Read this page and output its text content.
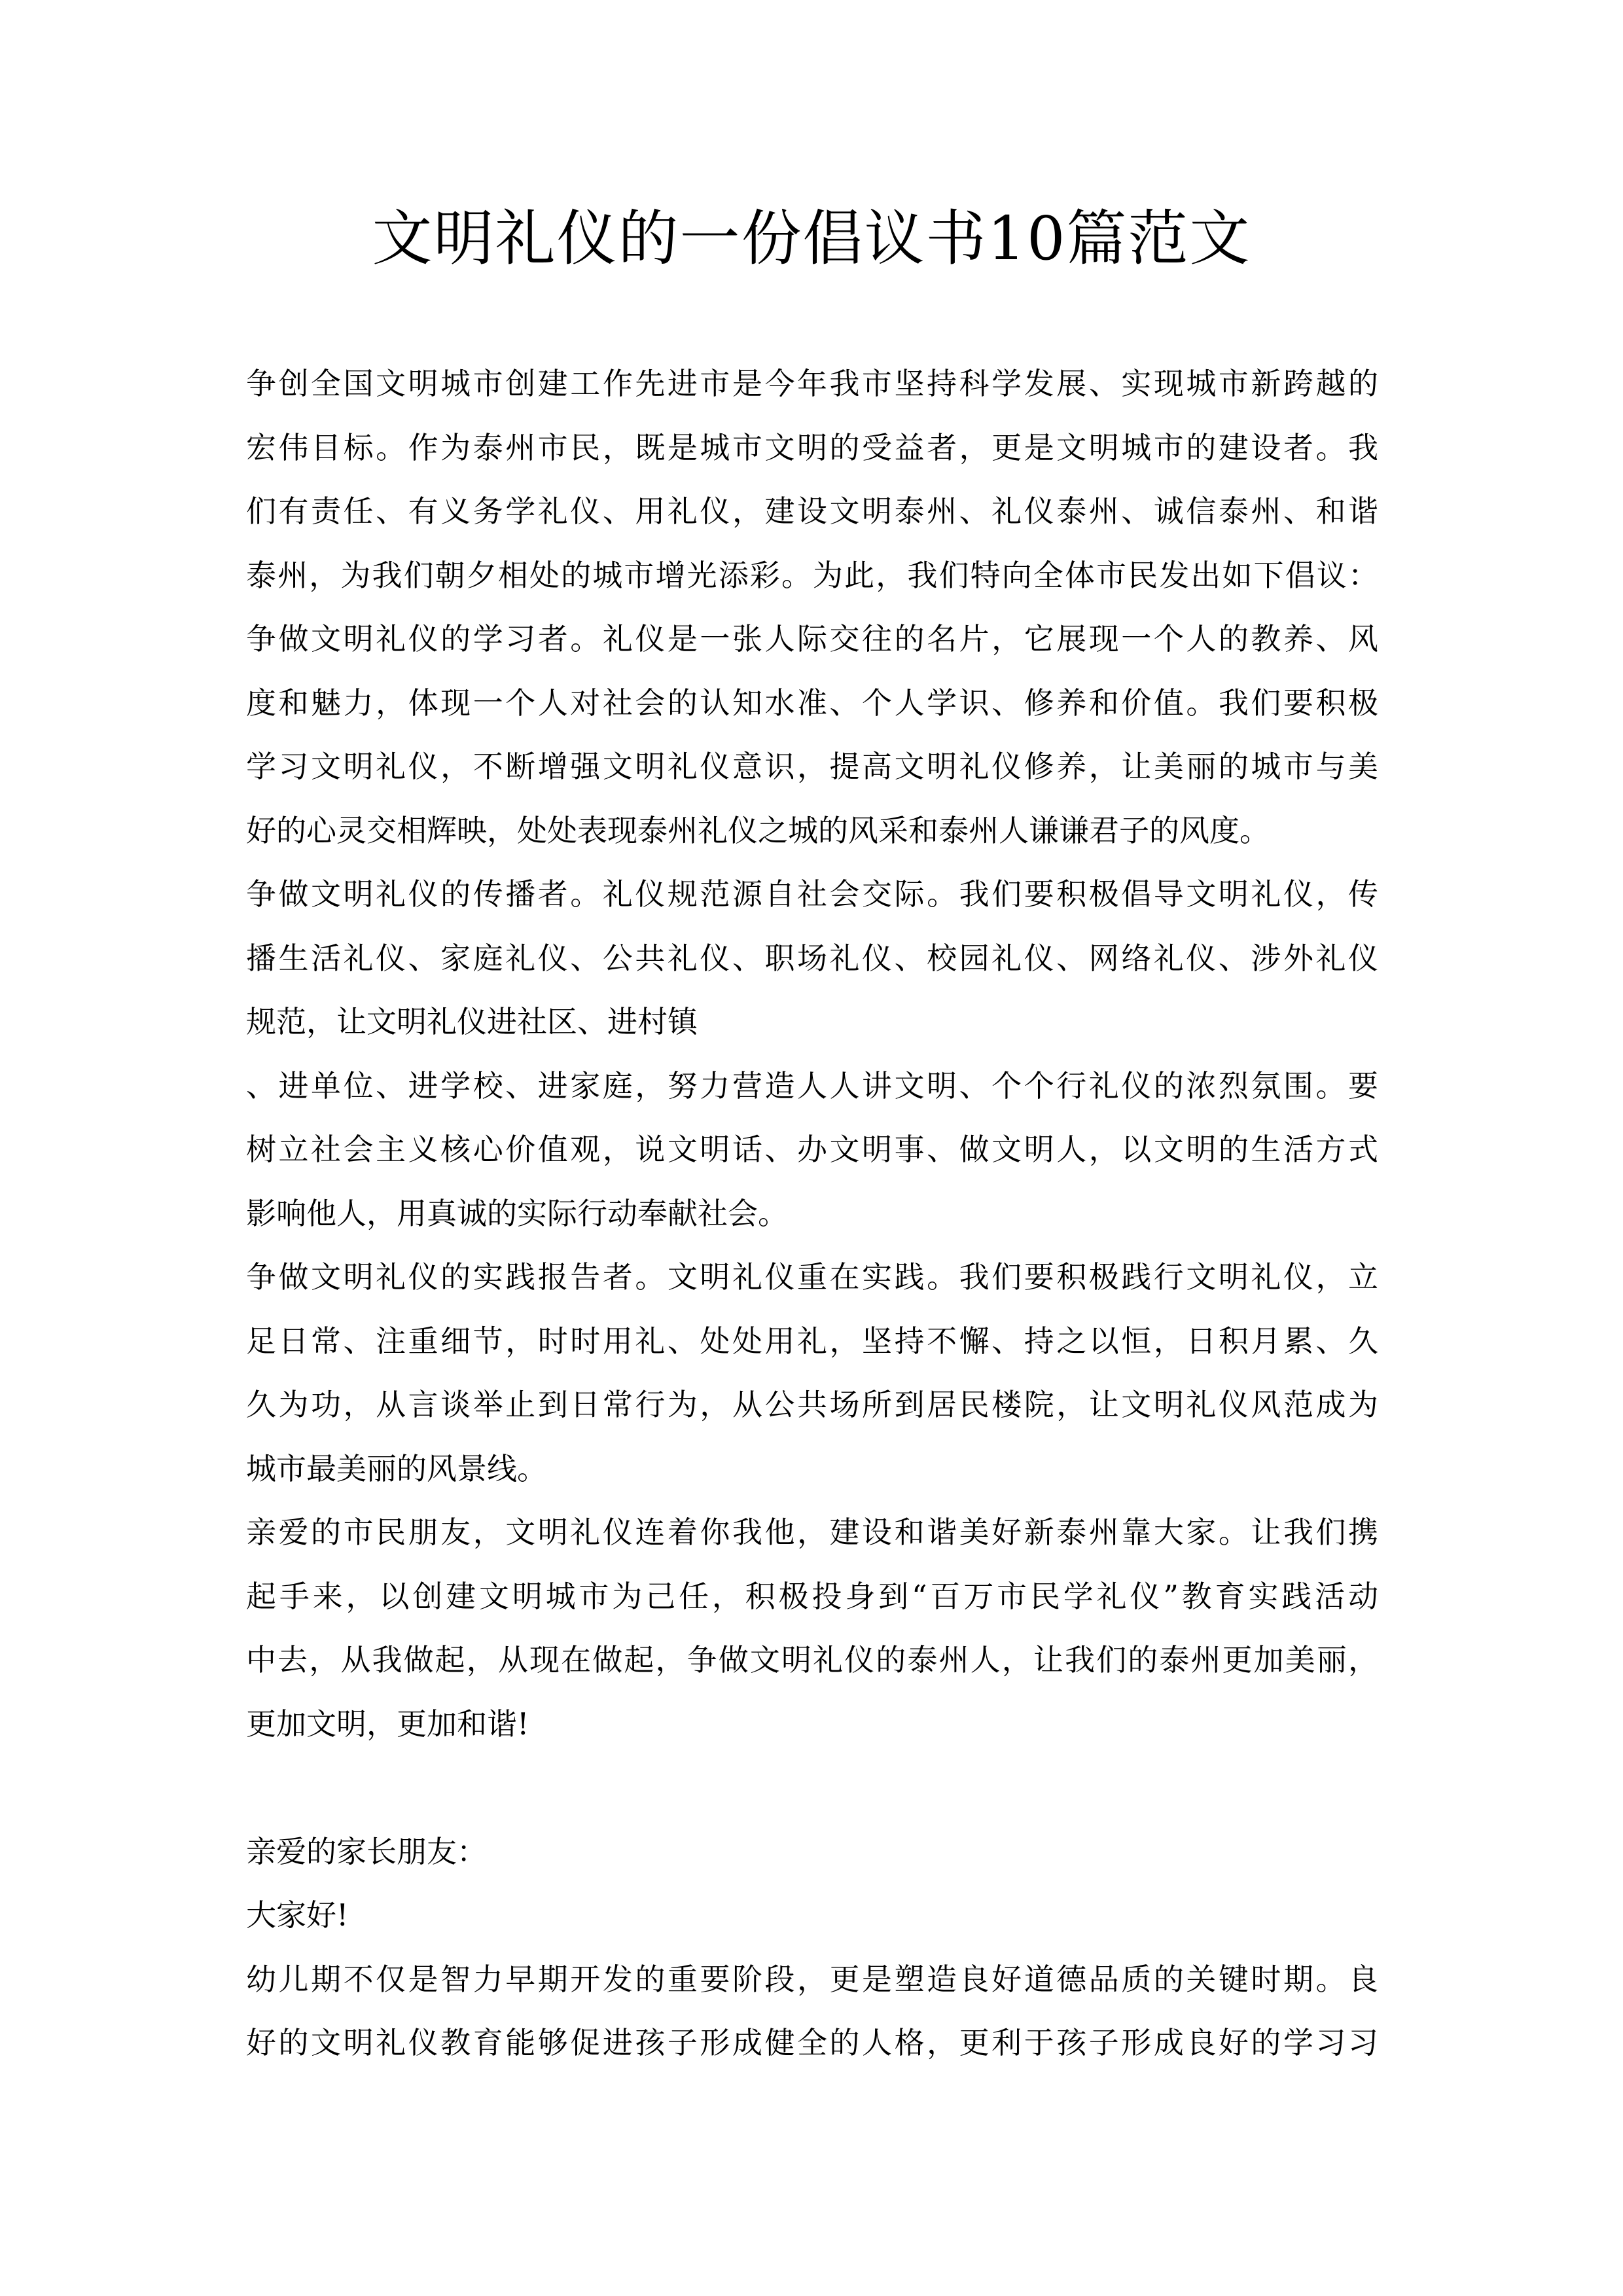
文明礼仪的一份倡议书10篇范文

争创全国文明城市创建工作先进市是今年我市坚持科学发展、实现城市新跨越的

宏伟目标。作为泰州市民，既是城市文明的受益者，更是文明城市的建设者。我

们有责任、有义务学礼仪、用礼仪，建设文明泰州、礼仪泰州、诚信泰州、和谐

泰州，为我们朝夕相处的城市增光添彩。为此，我们特向全体市民发出如下倡议：

争做文明礼仪的学习者。礼仪是一张人际交往的名片，它展现一个人的教养、风

度和魅力，体现一个人对社会的认知水准、个人学识、修养和价值。我们要积极

学习文明礼仪，不断增强文明礼仪意识，提高文明礼仪修养，让美丽的城市与美

好的心灵交相辉映，处处表现泰州礼仪之城的风采和泰州人谦谦君子的风度。

争做文明礼仪的传播者。礼仪规范源自社会交际。我们要积极倡导文明礼仪，传

播生活礼仪、家庭礼仪、公共礼仪、职场礼仪、校园礼仪、网络礼仪、涉外礼仪

规范，让文明礼仪进社区、进村镇

、进单位、进学校、进家庭，努力营造人人讲文明、个个行礼仪的浓烈氛围。要

树立社会主义核心价值观，说文明话、办文明事、做文明人，以文明的生活方式

影响他人，用真诚的实际行动奉献社会。

争做文明礼仪的实践报告者。文明礼仪重在实践。我们要积极践行文明礼仪，立

足日常、注重细节，时时用礼、处处用礼，坚持不懈、持之以恒，日积月累、久

久为功，从言谈举止到日常行为，从公共场所到居民楼院，让文明礼仪风范成为

城市最美丽的风景线。

亲爱的市民朋友，文明礼仪连着你我他，建设和谐美好新泰州靠大家。让我们携

起手来，以创建文明城市为己任，积极投身到“百万市民学礼仪”教育实践活动

中去，从我做起，从现在做起，争做文明礼仪的泰州人，让我们的泰州更加美丽，

更加文明，更加和谐!

亲爱的家长朋友：

大家好!

幼儿期不仅是智力早期开发的重要阶段，更是塑造良好道德品质的关键时期。良

好的文明礼仪教育能够促进孩子形成健全的人格，更利于孩子形成良好的学习习
